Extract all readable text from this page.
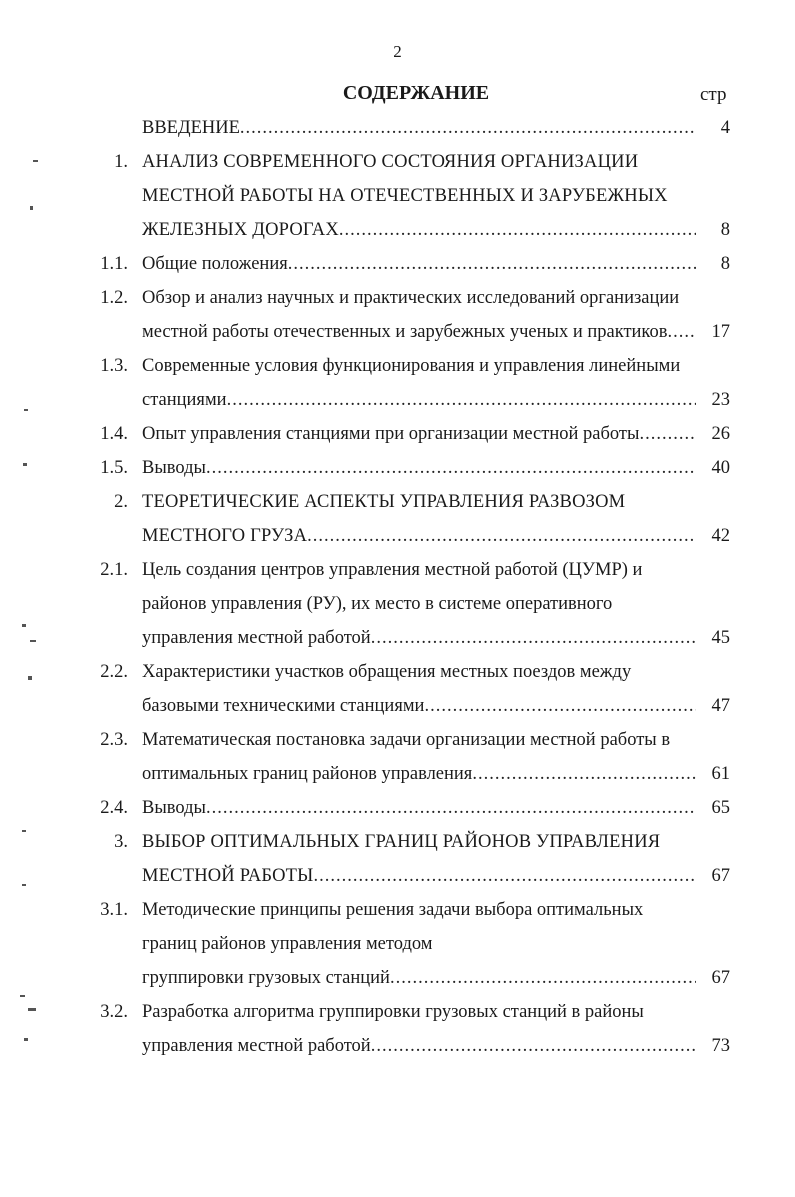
2
СОДЕРЖАНИЕ	стр
ВВЕДЕНИЕ .....	4
1. АНАЛИЗ СОВРЕМЕННОГО СОСТОЯНИЯ ОРГАНИЗАЦИИ
МЕСТНОЙ РАБОТЫ НА ОТЕЧЕСТВЕННЫХ И ЗАРУБЕЖНЫХ
ЖЕЛЕЗНЫХ ДОРОГАХ .....	8
1.1. Общие положения .....	8
1.2. Обзор и анализ научных и практических исследований организации
местной работы отечественных и зарубежных ученых и практиков .....	17
1.3. Современные условия функционирования и управления линейными
станциями .....	23
1.4. Опыт управления станциями при организации местной работы .....	26
1.5. Выводы .....	40
2. ТЕОРЕТИЧЕСКИЕ АСПЕКТЫ УПРАВЛЕНИЯ РАЗВОЗОМ
МЕСТНОГО ГРУЗА .....	42
2.1. Цель создания центров управления местной работой (ЦУМР) и
районов управления (РУ), их место в системе оперативного
управления местной работой .....	45
2.2. Характеристики участков обращения местных поездов между
базовыми техническими станциями .....	47
2.3. Математическая постановка задачи организации местной работы в
оптимальных границ районов управления .....	61
2.4. Выводы .....	65
3. ВЫБОР ОПТИМАЛЬНЫХ ГРАНИЦ РАЙОНОВ УПРАВЛЕНИЯ
МЕСТНОЙ РАБОТЫ .....	67
3.1. Методические принципы решения задачи выбора оптимальных
границ районов управления методом
группировки грузовых станций .....	67
3.2. Разработка алгоритма группировки грузовых станций в районы
управления местной работой .....	73
